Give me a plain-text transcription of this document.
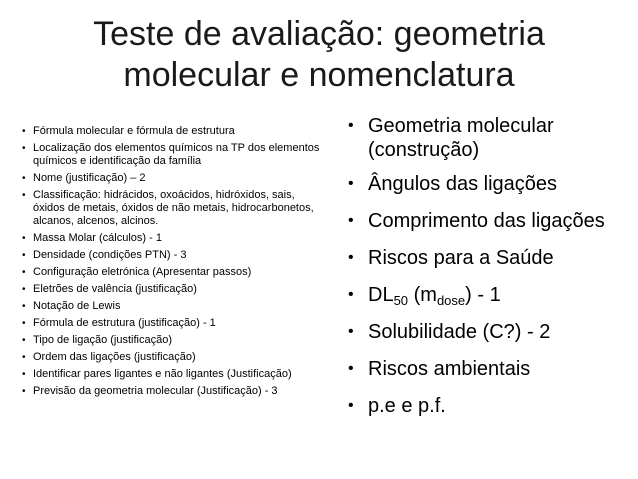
Teste de avaliação: geometria
molecular e nomenclatura
• Fórmula molecular e fórmula de estrutura
• Localização dos elementos químicos na TP dos elementos químicos e identificação da família
• Nome (justificação) – 2
• Classificação: hidrácidos, oxoácidos, hidróxidos, sais, óxidos de metais, óxidos de não metais, hidrocarbonetos, alcanos, alcenos, alcinos.
• Massa Molar (cálculos) - 1
• Densidade (condições PTN) - 3
• Configuração eletrónica (Apresentar passos)
• Eletrões de valência (justificação)
• Notação de Lewis
• Fórmula de estrutura (justificação) - 1
• Tipo de ligação (justificação)
• Ordem das ligações (justificação)
• Identificar pares ligantes e não ligantes (Justificação)
• Previsão da geometria molecular (Justificação) - 3
• Geometria molecular (construção)
• Ângulos das ligações
• Comprimento das ligações
• Riscos para a Saúde
• $DL_{50}$ $(m_{dose}) - 1$
• Solubilidade (C?) - 2
• Riscos ambientais
• p.e e p.f.
